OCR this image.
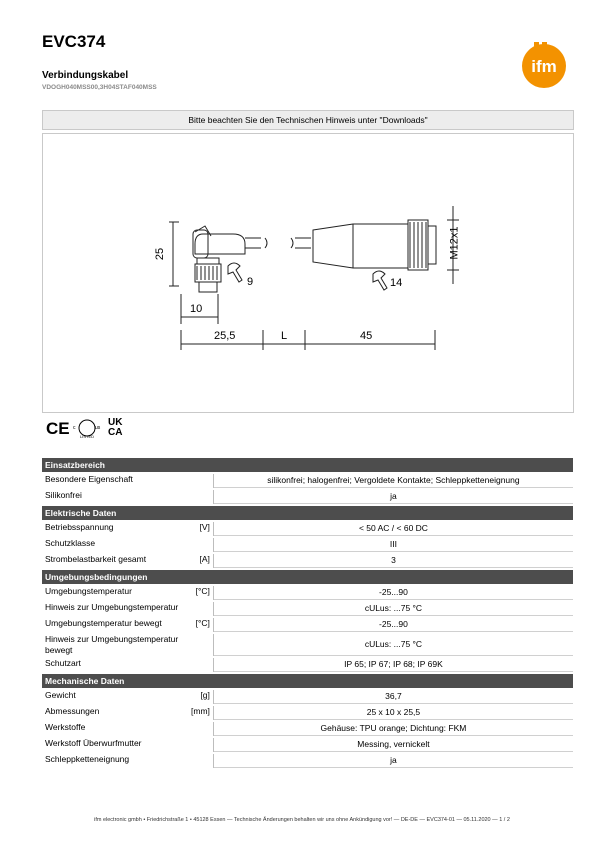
EVC374
Verbindungskabel
VDOGH040MSS00,3H04STAF040MSS
ifm
Bitte beachten Sie den Technischen Hinweis unter "Downloads"
25
9
10
25,5	L	45
14
M12x1
CE c	us
LISTED
UK
CA
Einsatzbereich		
Besondere Eigenschaft		silikonfrei; halogenfrei; Vergoldete Kontakte; Schleppketteneignung
Silikonfrei		ja
Elektrische Daten		
Betriebsspannung	[V]	< 50 AC / < 60 DC
Schutzklasse		III
Strombelastbarkeit gesamt	[A]	3
Umgebungsbedingungen		
Umgebungstemperatur	[°C]	-25...90
Hinweis zur Umgebungstemperatur		cULus: ...75 °C
Umgebungstemperatur bewegt	[°C]	-25...90
Hinweis zur Umgebungstemperatur bewegt		cULus: ...75 °C
Schutzart		IP 65; IP 67; IP 68; IP 69K
Mechanische Daten		
Gewicht	[g]	36,7
Abmessungen	[mm]	25 x 10 x 25,5
Werkstoffe		Gehäuse: TPU orange; Dichtung: FKM
Werkstoff Überwurfmutter		Messing, vernickelt
Schleppketteneignung		ja
ifm electronic gmbh • Friedrichstraße 1 • 45128 Essen — Technische Änderungen behalten wir uns ohne Ankündigung vor! — DE-DE — EVC374-01 — 05.11.2020 — 1 / 2
